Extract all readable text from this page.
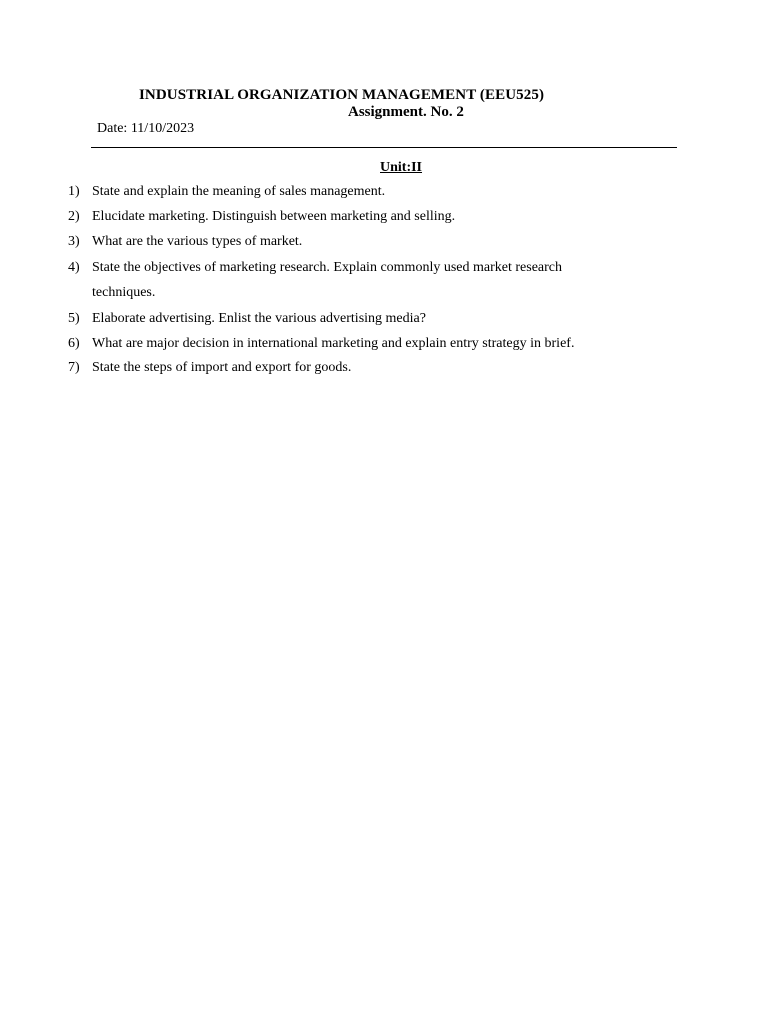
INDUSTRIAL ORGANIZATION MANAGEMENT (EEU525)
Assignment. No. 2
Date: 11/10/2023
Unit:II
1) State and explain the meaning of sales management.
2) Elucidate marketing. Distinguish between marketing and selling.
3) What are the various types of market.
4) State the objectives of marketing research. Explain commonly used market research
techniques.
5) Elaborate advertising. Enlist the various advertising media?
6) What are major decision in international marketing and explain entry strategy in brief.
7) State the steps of import and export for goods.
